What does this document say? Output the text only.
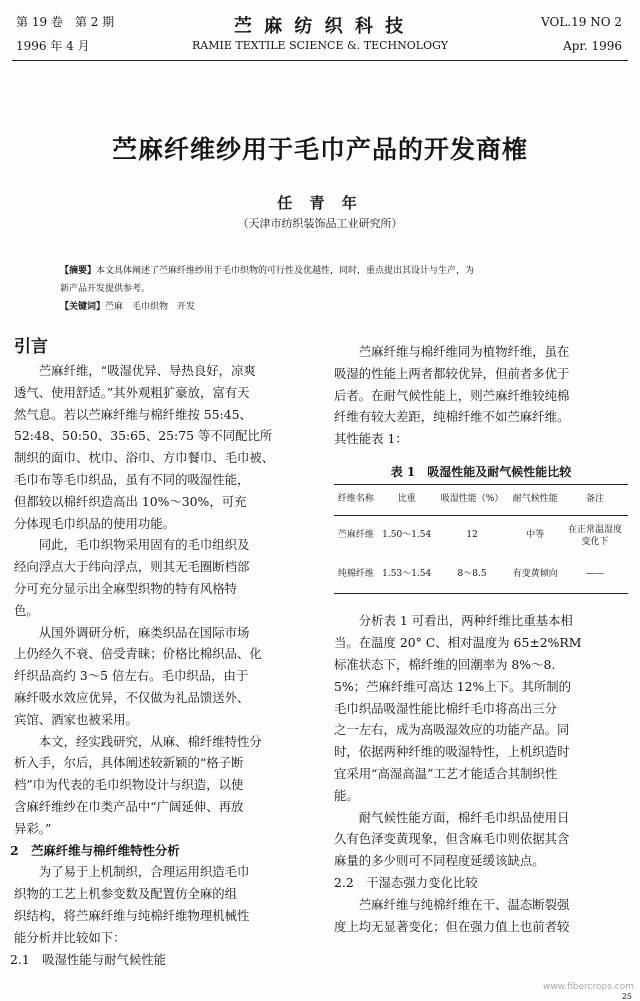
第 19 卷　第 2 期
1996 年 4 月
苎 麻 纺 织 科 技
RAMIE TEXTILE SCIENCE &. TECHNOLOGY
VOL.19 NO 2
Apr. 1996
苎麻纤维纱用于毛巾产品的开发商榷
任 青 年
（天津市纺织装饰品工业研究所）
【摘要】本文具体阐述了苎麻纤维纱用于毛巾织物的可行性及优越性，同时，重点提出其设计与生产，为
新产品开发提供参考。
【关键词】苎麻　毛巾织物　开发

引言

苎麻纤维，“吸湿优异、导热良好，凉爽

透气、使用舒适。”其外观粗犷豪放，富有天

然气息。若以苎麻纤维与棉纤维按 55:45、

52:48、50:50、35:65、25:75 等不同配比所

制织的面巾、枕巾、浴巾、方巾餐巾、毛巾被、

毛巾布等毛巾织品，虽有不同的吸湿性能，

但都较以棉纤织造高出 10%～30%，可充

分体现毛巾织品的使用功能。

同此，毛巾织物采用固有的毛巾组织及

经向浮点大于纬向浮点，则其无毛圈断档部

分可充分显示出全麻型织物的特有风格特

色。

从国外调研分析，麻类织品在国际市场

上仍经久不衰、倍受青睐；价格比棉织品、化

纤织品高约 3～5 倍左右。毛巾织品，由于

麻纤吸水效应优异，不仅做为礼品馈送外、

宾馆、酒家也被采用。

本文，经实践研究，从麻、棉纤维特性分

析入手，尔后，具体阐述较新颖的“格子断

档”巾为代表的毛巾织物设计与织造，以使

含麻纤维纱在巾类产品中“广阔延伸、再放

异彩。”

2　苎麻纤维与棉纤维特性分析

为了易于上机制织，合理运用织造毛巾

织物的工艺上机参变数及配置仿全麻的组

织结构，将苎麻纤维与纯棉纤维物理机械性

能分析并比较如下：

2.1　吸湿性能与耐气候性能

苎麻纤维与棉纤维同为植物纤维，虽在

吸湿的性能上两者都较优异，但前者多优于

后者。在耐气候性能上，则苎麻纤维较纯棉

纤维有较大差距，纯棉纤维不如苎麻纤维。

其性能表 1：

表 1　吸湿性能及耐气候性能比较
纤维名称	比重	吸湿性能（%）	耐气候性能	备注
苎麻纤维	1.50～1.54	12	中等	在正常温湿度变化下
纯棉纤维	1.53～1.54	8～8.5	有变黄倾向	——

分析表 1 可看出，两种纤维比重基本相

当。在温度 20° C、相对温度为 65±2%RM

标准状态下，棉纤维的回潮率为 8%～8.

5%；苎麻纤维可高达 12%上下。其所制的

毛巾织品吸湿性能比棉纤毛巾将高出三分

之一左右，成为高吸湿效应的功能产品。同

时，依据两种纤维的吸湿特性，上机织造时

宜采用“高湿高温”工艺才能适合其制织性

能。

耐气候性能方面，棉纤毛巾织品使用日

久有色泽变黄现象，但含麻毛巾则依据其含

麻量的多少则可不同程度延缓该缺点。

2.2　干湿态强力变化比较

苎麻纤维与纯棉纤维在干、温态断裂强

度上均无显著变化；但在强力值上也前者较

www.fibercrops.com
25
